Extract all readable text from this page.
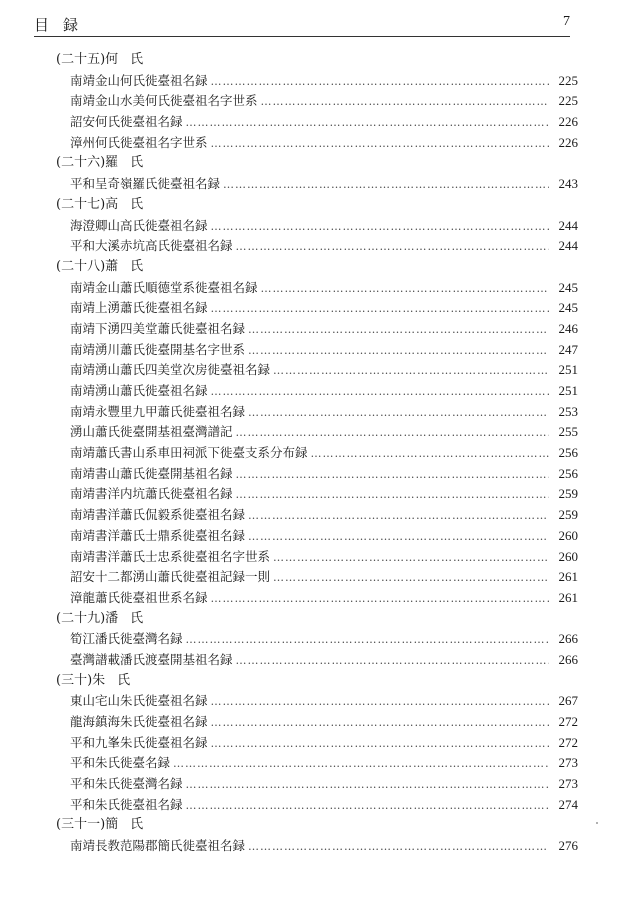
目録	7
(二十五)何氏
南靖金山何氏徙臺祖名録 ……………………………………………………………………………………………………………………………………………………………………………………	225
南靖金山水美何氏徙臺祖名字世系 ……………………………………………………………………………………………………………………………………………………………………………………	225
詔安何氏徙臺祖名録 ……………………………………………………………………………………………………………………………………………………………………………………	226
漳州何氏徙臺祖名字世系 ……………………………………………………………………………………………………………………………………………………………………………………	226
(二十六)羅氏
平和呈奇嶺羅氏徙臺祖名録 ……………………………………………………………………………………………………………………………………………………………………………………	243
(二十七)高氏
海澄卿山高氏徙臺祖名録 ……………………………………………………………………………………………………………………………………………………………………………………	244
平和大溪赤坑高氏徙臺祖名録 ……………………………………………………………………………………………………………………………………………………………………………………	244
(二十八)蕭氏
南靖金山蕭氏順德堂系徙臺祖名録 ……………………………………………………………………………………………………………………………………………………………………………………	245
南靖上湧蕭氏徙臺祖名録 ……………………………………………………………………………………………………………………………………………………………………………………	245
南靖下湧四美堂蕭氏徙臺祖名録 ……………………………………………………………………………………………………………………………………………………………………………………	246
南靖湧川蕭氏徙臺開基名字世系 ……………………………………………………………………………………………………………………………………………………………………………………	247
南靖湧山蕭氏四美堂次房徙臺祖名録 ……………………………………………………………………………………………………………………………………………………………………………………	251
南靖湧山蕭氏徙臺祖名録 ……………………………………………………………………………………………………………………………………………………………………………………	251
南靖永豐里九甲蕭氏徙臺祖名録 ……………………………………………………………………………………………………………………………………………………………………………………	253
湧山蕭氏徙臺開基祖臺灣譜記 ……………………………………………………………………………………………………………………………………………………………………………………	255
南靖蕭氏書山系車田祠派下徙臺支系分布録 ……………………………………………………………………………………………………………………………………………………………………………………	256
南靖書山蕭氏徙臺開基祖名録 ……………………………………………………………………………………………………………………………………………………………………………………	256
南靖書洋内坑蕭氏徙臺祖名録 ……………………………………………………………………………………………………………………………………………………………………………………	259
南靖書洋蕭氏侃毅系徙臺祖名録 ……………………………………………………………………………………………………………………………………………………………………………………	259
南靖書洋蕭氏士鼎系徙臺祖名録 ……………………………………………………………………………………………………………………………………………………………………………………	260
南靖書洋蕭氏士忠系徙臺祖名字世系 ……………………………………………………………………………………………………………………………………………………………………………………	260
詔安十二都湧山蕭氏徙臺祖記録一則 ……………………………………………………………………………………………………………………………………………………………………………………	261
漳龍蕭氏徙臺祖世系名録 ……………………………………………………………………………………………………………………………………………………………………………………	261
(二十九)潘氏
筍江潘氏徙臺灣名録 ……………………………………………………………………………………………………………………………………………………………………………………	266
臺灣譜載潘氏渡臺開基祖名録 ……………………………………………………………………………………………………………………………………………………………………………………	266
(三十)朱氏
東山宅山朱氏徙臺祖名録 ……………………………………………………………………………………………………………………………………………………………………………………	267
龍海鎮海朱氏徙臺祖名録 ……………………………………………………………………………………………………………………………………………………………………………………	272
平和九峯朱氏徙臺祖名録 ……………………………………………………………………………………………………………………………………………………………………………………	272
平和朱氏徙臺名録 ……………………………………………………………………………………………………………………………………………………………………………………	273
平和朱氏徙臺灣名録 ……………………………………………………………………………………………………………………………………………………………………………………	273
平和朱氏徙臺祖名録 ……………………………………………………………………………………………………………………………………………………………………………………	274
(三十一)簡氏
南靖長教范陽郡簡氏徙臺祖名録 ……………………………………………………………………………………………………………………………………………………………………………………	276
